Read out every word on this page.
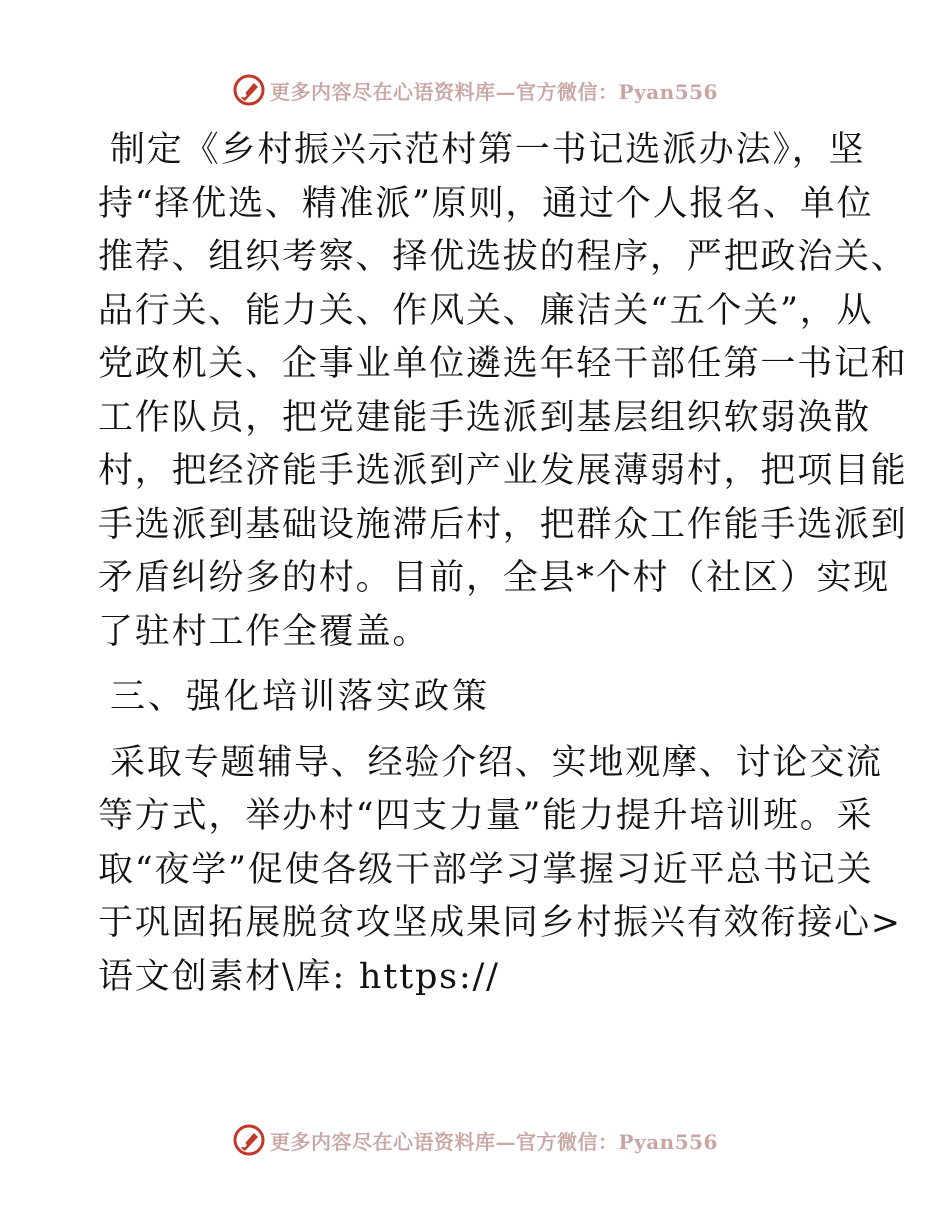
更多内容尽在心语资料库—官方微信：Pyan556
制定《乡村振兴示范村第一书记选派办法》，坚
持“择优选、精准派”原则，通过个人报名、单位
推荐、组织考察、择优选拔的程序，严把政治关、
品行关、能力关、作风关、廉洁关“五个关”，从
党政机关、企事业单位遴选年轻干部任第一书记和
工作队员，把党建能手选派到基层组织软弱涣散
村，把经济能手选派到产业发展薄弱村，把项目能
手选派到基础设施滞后村，把群众工作能手选派到
矛盾纠纷多的村。目前，全县*个村（社区）实现
了驻村工作全覆盖。
三、强化培训落实政策
采取专题辅导、经验介绍、实地观摩、讨论交流
等方式，举办村“四支力量”能力提升培训班。采
取“夜学”促使各级干部学习掌握习近平总书记关
于巩固拓展脱贫攻坚成果同乡村振兴有效衔接心>
语文创素材\库: https://
更多内容尽在心语资料库—官方微信：Pyan556
